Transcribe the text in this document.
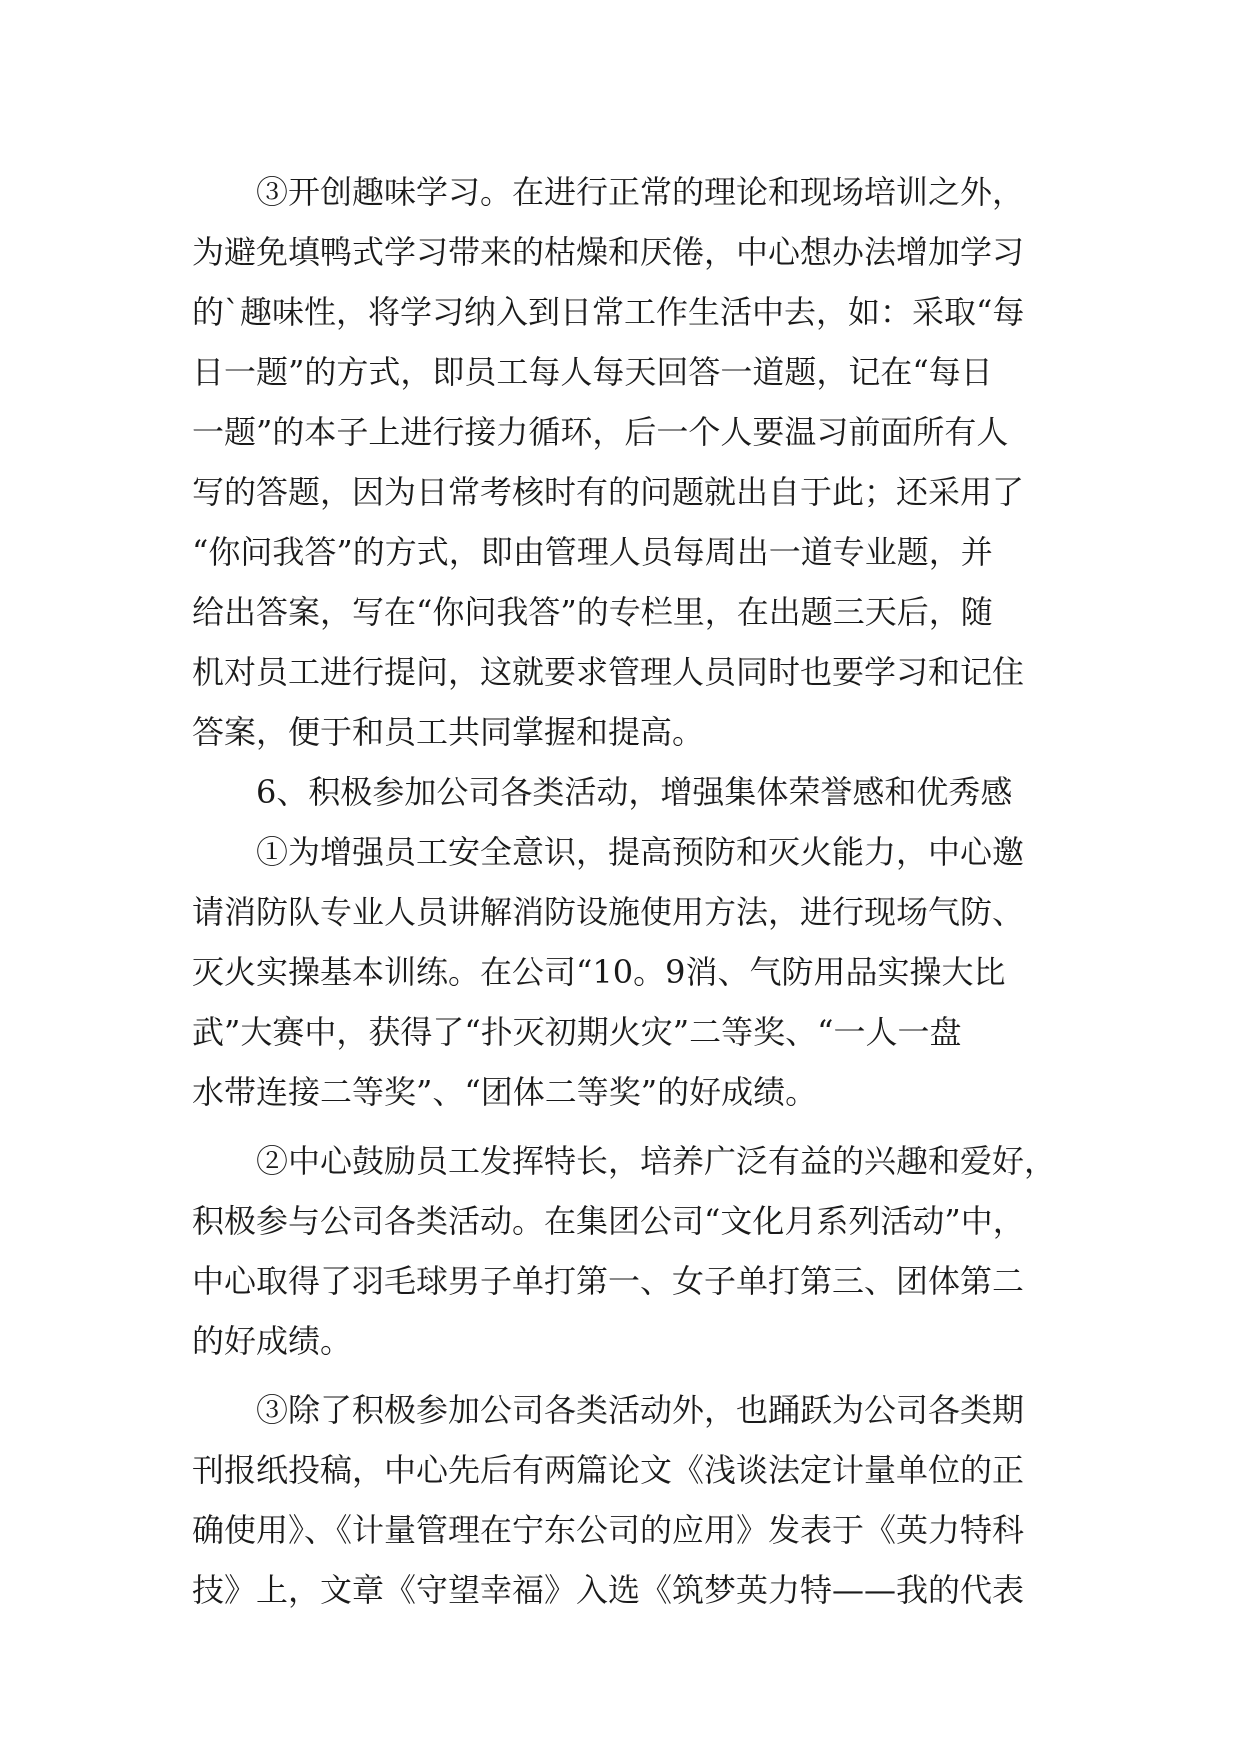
③开创趣味学习。在进行正常的理论和现场培训之外，
为避免填鸭式学习带来的枯燥和厌倦，中心想办法增加学习
的`趣味性，将学习纳入到日常工作生活中去，如：采取“每
日一题”的方式，即员工每人每天回答一道题，记在“每日
一题”的本子上进行接力循环，后一个人要温习前面所有人
写的答题，因为日常考核时有的问题就出自于此；还采用了
“你问我答”的方式，即由管理人员每周出一道专业题，并
给出答案，写在“你问我答”的专栏里，在出题三天后，随
机对员工进行提问，这就要求管理人员同时也要学习和记住
答案，便于和员工共同掌握和提高。
6、积极参加公司各类活动，增强集体荣誉感和优秀感
①为增强员工安全意识，提高预防和灭火能力，中心邀
请消防队专业人员讲解消防设施使用方法，进行现场气防、
灭火实操基本训练。在公司“10。9消、气防用品实操大比
武”大赛中，获得了“扑灭初期火灾”二等奖、“一人一盘
水带连接二等奖”、“团体二等奖”的好成绩。
②中心鼓励员工发挥特长，培养广泛有益的兴趣和爱好，
积极参与公司各类活动。在集团公司“文化月系列活动”中，
中心取得了羽毛球男子单打第一、女子单打第三、团体第二
的好成绩。
③除了积极参加公司各类活动外，也踊跃为公司各类期
刊报纸投稿，中心先后有两篇论文《浅谈法定计量单位的正
确使用》、《计量管理在宁东公司的应用》发表于《英力特科
技》上，文章《守望幸福》入选《筑梦英力特——我的代表
